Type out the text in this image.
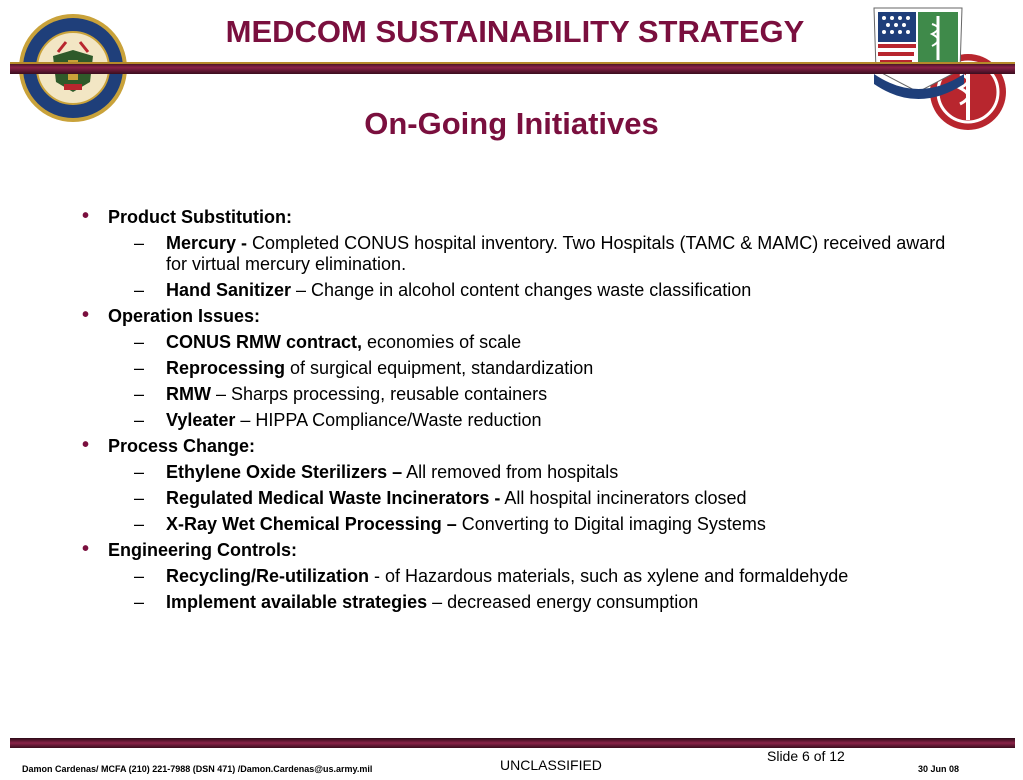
MEDCOM SUSTAINABILITY STRATEGY
On-Going Initiatives
• Product Substitution:
– Mercury - Completed CONUS hospital inventory. Two Hospitals (TAMC & MAMC) received award for virtual mercury elimination.
– Hand Sanitizer – Change in alcohol content changes waste classification
• Operation Issues:
– CONUS RMW contract, economies of scale
– Reprocessing of surgical equipment, standardization
– RMW – Sharps processing, reusable containers
– Vyleater – HIPPA Compliance/Waste reduction
• Process Change:
– Ethylene Oxide Sterilizers – All removed from hospitals
– Regulated Medical Waste Incinerators - All hospital incinerators closed
– X-Ray Wet Chemical Processing – Converting to Digital imaging Systems
• Engineering Controls:
– Recycling/Re-utilization - of Hazardous materials, such as xylene and formaldehyde
– Implement available strategies – decreased energy consumption
Slide 6 of 12
Damon Cardenas/ MCFA (210) 221-7988 (DSN 471) /Damon.Cardenas@us.army.mil	UNCLASSIFIED	30 Jun 08
